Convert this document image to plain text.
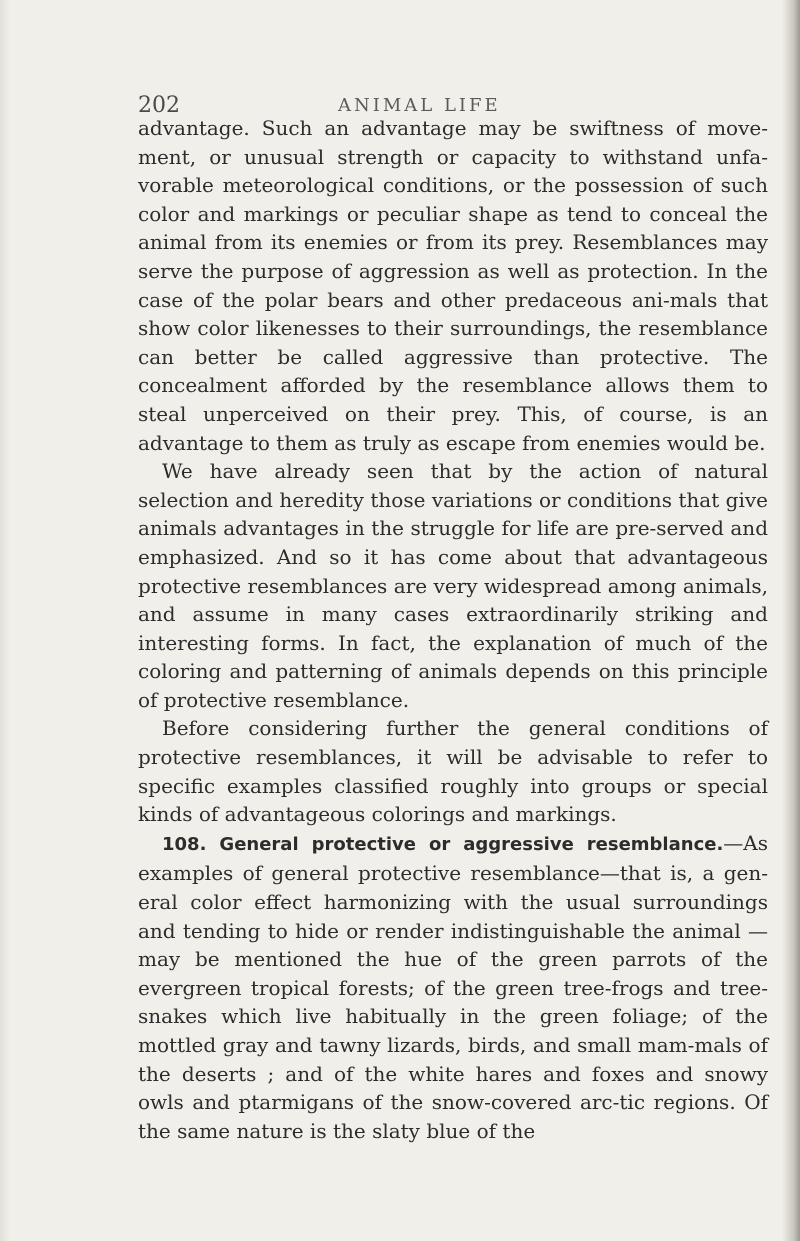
202	ANIMAL LIFE

advantage. Such an advantage may be swiftness of move-ment, or unusual strength or capacity to withstand unfa-vorable meteorological conditions, or the possession of such color and markings or peculiar shape as tend to conceal the animal from its enemies or from its prey. Resemblances may serve the purpose of aggression as well as protection. In the case of the polar bears and other predaceous ani-mals that show color likenesses to their surroundings, the resemblance can better be called aggressive than protective. The concealment afforded by the resemblance allows them to steal unperceived on their prey. This, of course, is an advantage to them as truly as escape from enemies would be.

We have already seen that by the action of natural selection and heredity those variations or conditions that give animals advantages in the struggle for life are pre-served and emphasized. And so it has come about that advantageous protective resemblances are very widespread among animals, and assume in many cases extraordinarily striking and interesting forms. In fact, the explanation of much of the coloring and patterning of animals depends on this principle of protective resemblance.

Before considering further the general conditions of protective resemblances, it will be advisable to refer to specific examples classified roughly into groups or special kinds of advantageous colorings and markings.

108. General protective or aggressive resemblance.—As examples of general protective resemblance—that is, a gen-eral color effect harmonizing with the usual surroundings and tending to hide or render indistinguishable the animal —may be mentioned the hue of the green parrots of the evergreen tropical forests; of the green tree-frogs and tree-snakes which live habitually in the green foliage; of the mottled gray and tawny lizards, birds, and small mam-mals of the deserts ; and of the white hares and foxes and snowy owls and ptarmigans of the snow-covered arc-tic regions. Of the same nature is the slaty blue of the
